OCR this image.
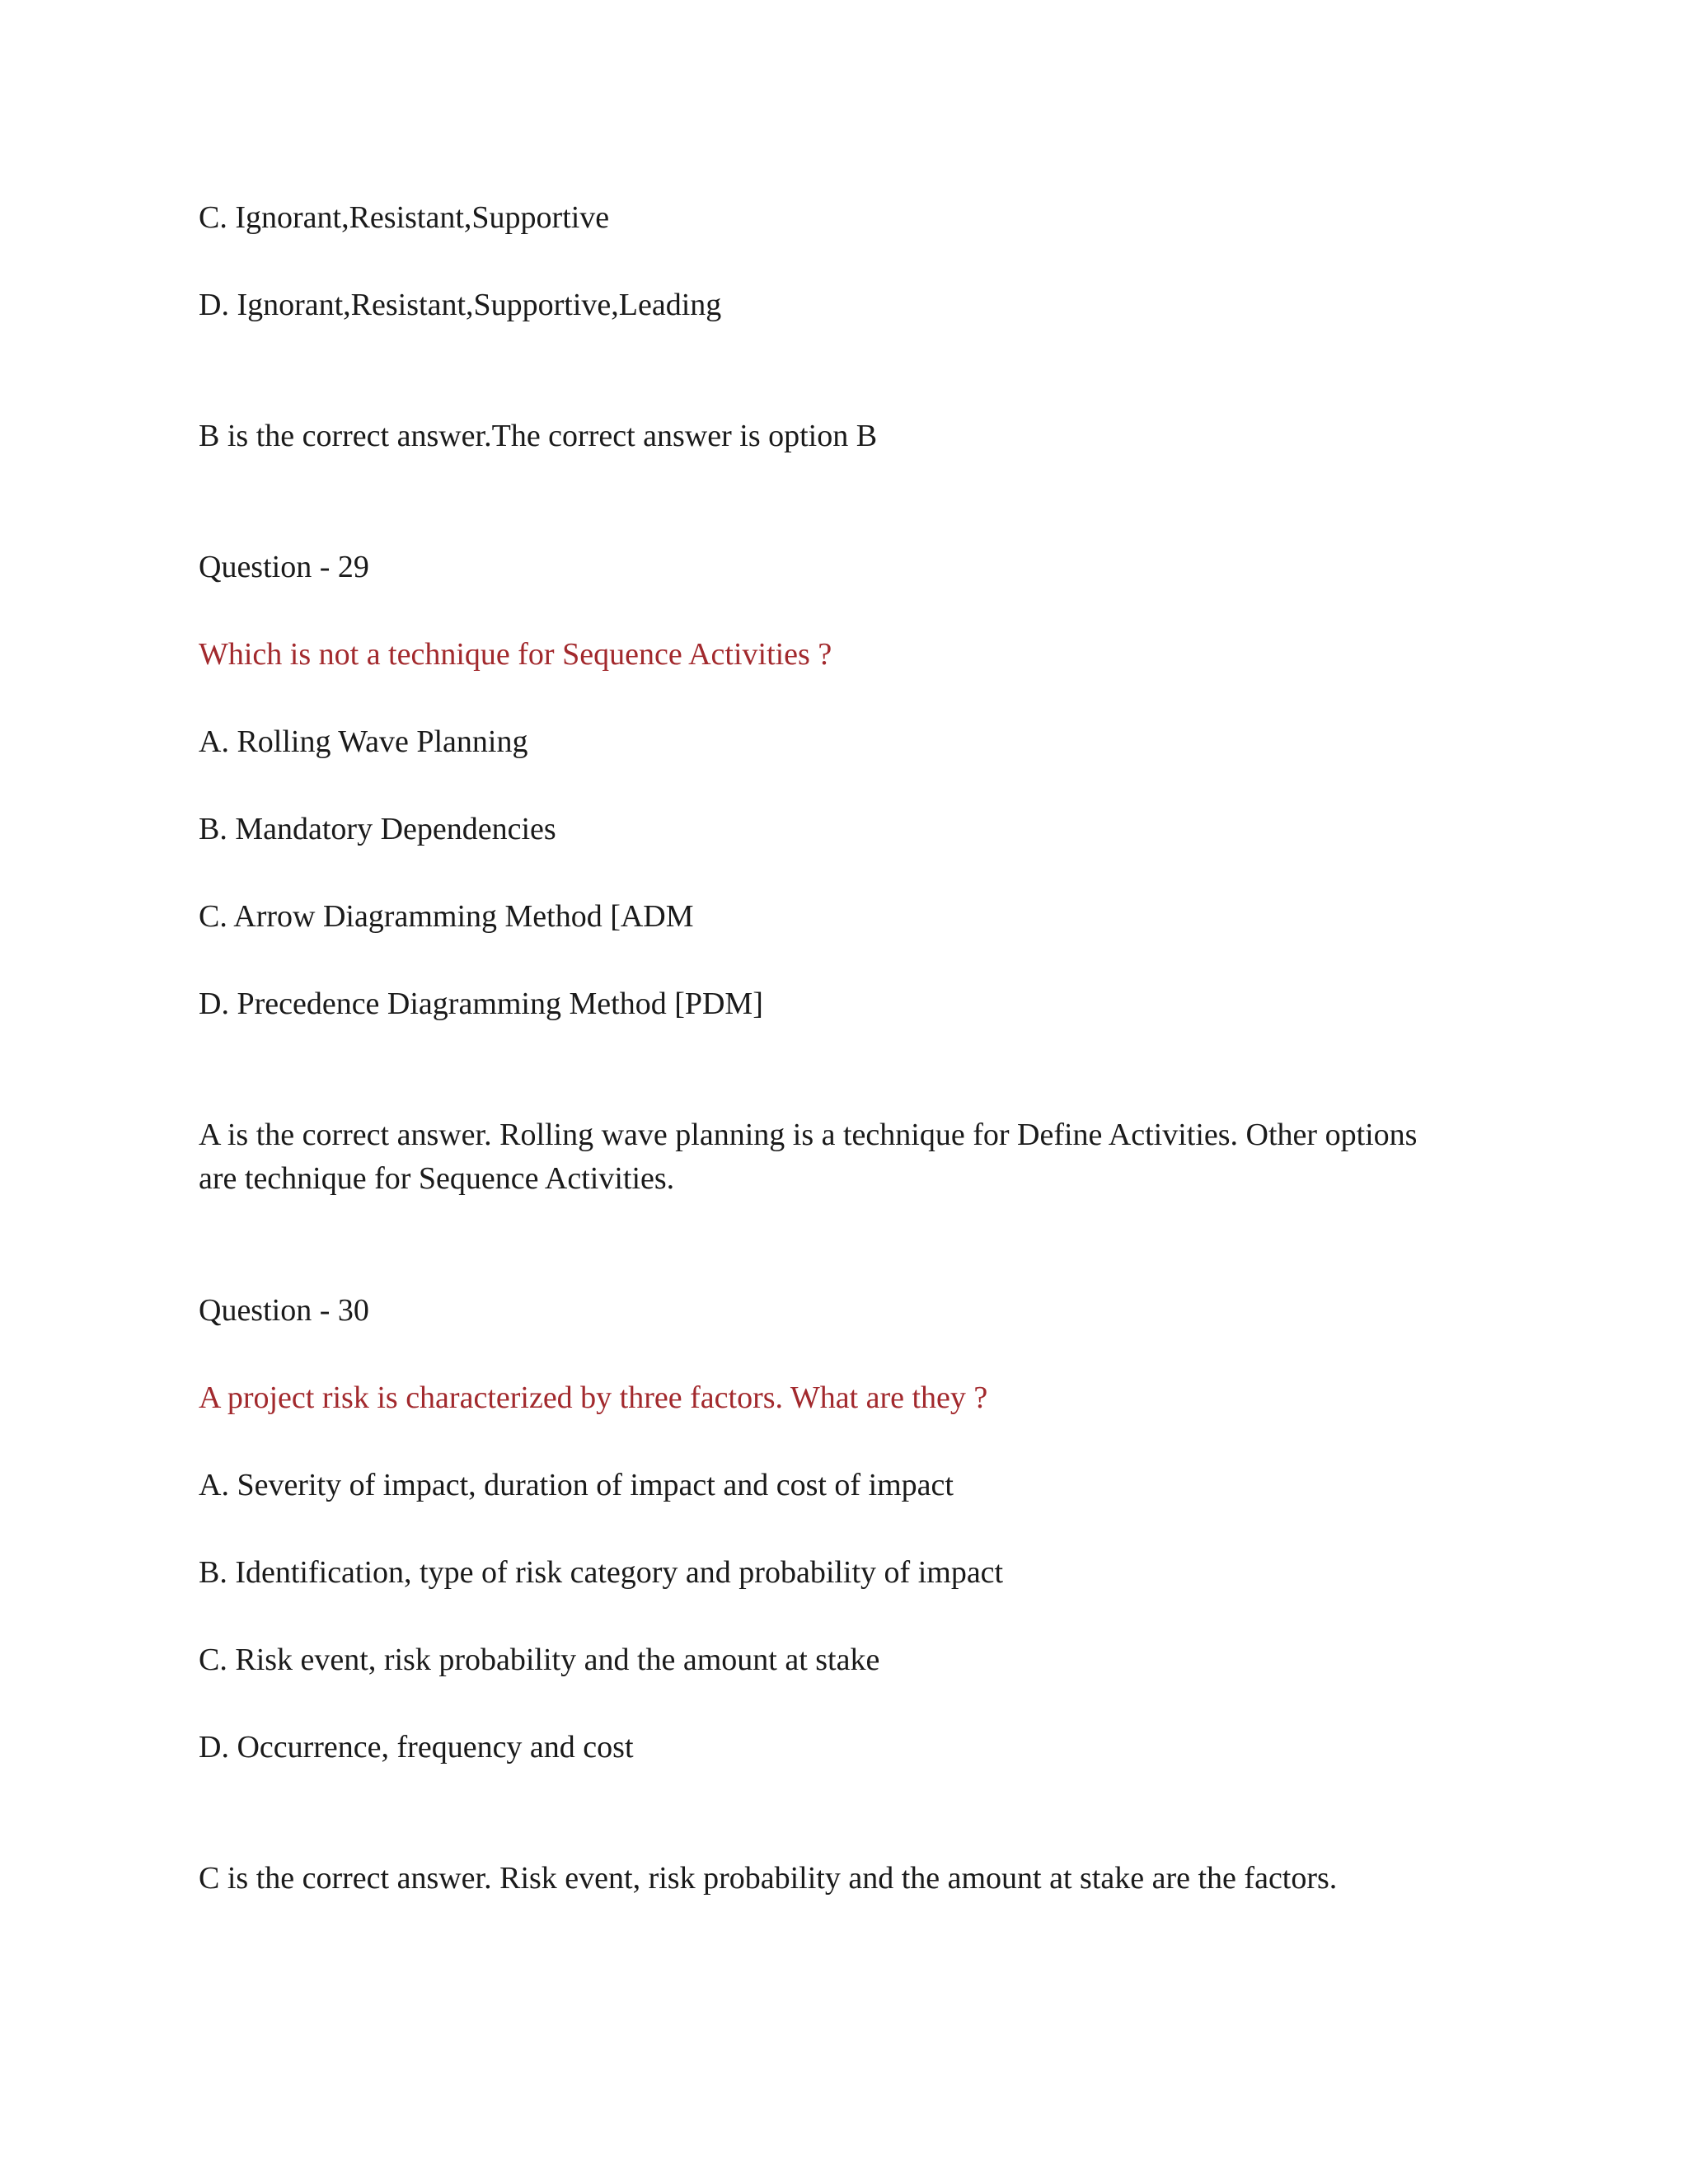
C. Ignorant,Resistant,Supportive
D. Ignorant,Resistant,Supportive,Leading
B is the correct answer.The correct answer is option B
Question - 29
Which is not a technique for Sequence Activities ?
A. Rolling Wave Planning
B. Mandatory Dependencies
C. Arrow Diagramming Method [ADM
D. Precedence Diagramming Method [PDM]
A is the correct answer. Rolling wave planning is a technique for Define Activities. Other options are technique for Sequence Activities.
Question - 30
A project risk is characterized by three factors. What are they ?
A. Severity of impact, duration of impact and cost of impact
B. Identification, type of risk category and probability of impact
C. Risk event, risk probability and the amount at stake
D. Occurrence, frequency and cost
C is the correct answer. Risk event, risk probability and the amount at stake are the factors.
